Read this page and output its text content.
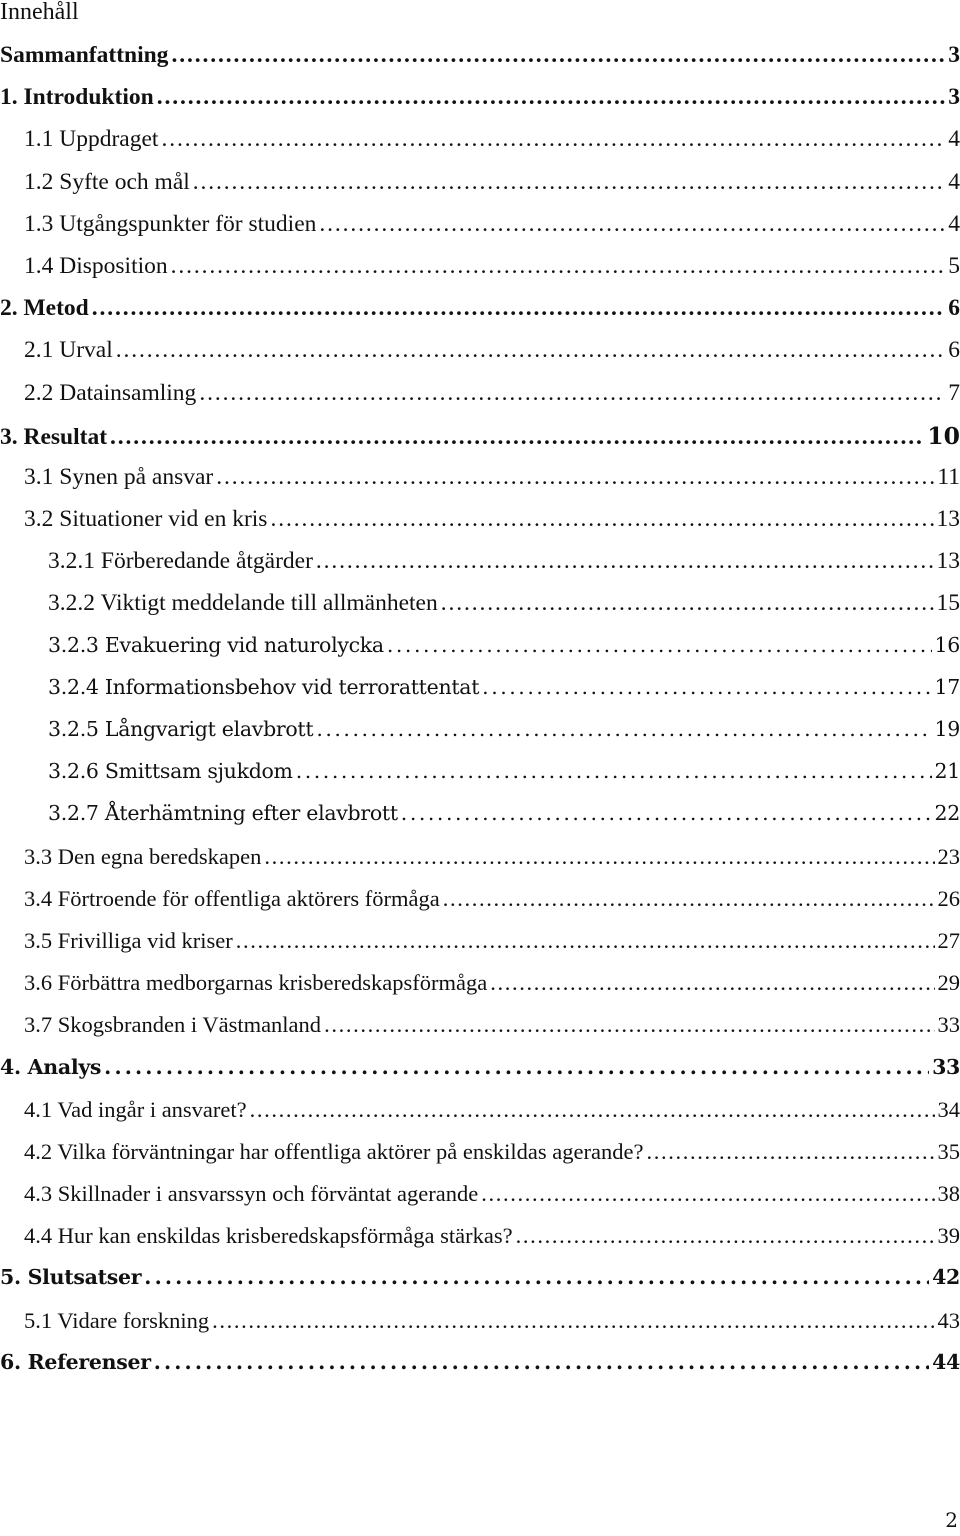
Innehåll
Sammanfattning . . .	3
1. Introduktion . . .	3
1.1 Uppdraget . . .	4
1.2 Syfte och mål . . .	4
1.3 Utgångspunkter för studien . . .	4
1.4 Disposition . . .	5
2. Metod . . .	6
2.1 Urval . . .	6
2.2 Datainsamling . . .	7
3. Resultat . . .	10
3.1 Synen på ansvar . . .	11
3.2 Situationer vid en kris . . .	13
3.2.1 Förberedande åtgärder . . .	13
3.2.2 Viktigt meddelande till allmänheten . . .	15
3.2.3 Evakuering vid naturolycka . . .	16
3.2.4 Informationsbehov vid terrorattentat . . .	17
3.2.5 Långvarigt elavbrott . . .	19
3.2.6 Smittsam sjukdom . . .	21
3.2.7 Återhämtning efter elavbrott . . .	22
3.3 Den egna beredskapen . . .	23
3.4 Förtroende för offentliga aktörers förmåga . . .	26
3.5 Frivilliga vid kriser . . .	27
3.6 Förbättra medborgarnas krisberedskapsförmåga . . .	29
3.7 Skogsbranden i Västmanland . . .	33
4. Analys . . .	33
4.1 Vad ingår i ansvaret? . . .	34
4.2 Vilka förväntningar har offentliga aktörer på enskildas agerande? . . .	35
4.3 Skillnader i ansvarssyn och förväntat agerande . . .	38
4.4 Hur kan enskildas krisberedskapsförmåga stärkas? . . .	39
5. Slutsatser . . .	42
5.1 Vidare forskning . . .	43
6. Referenser . . .	44
2
